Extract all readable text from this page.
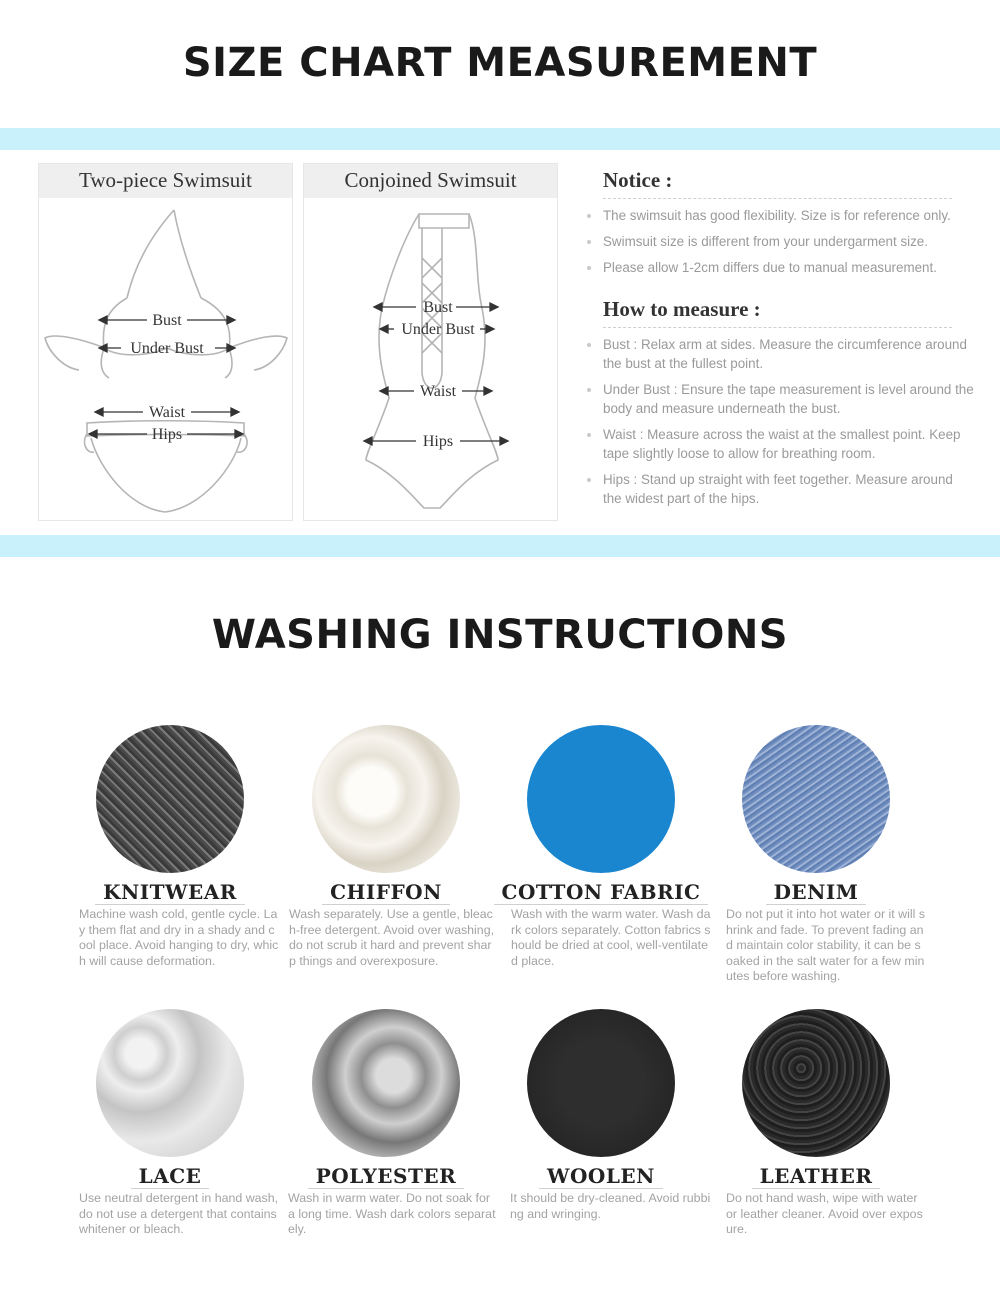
SIZE CHART MEASUREMENT
Two-piece Swimsuit
Bust
Under Bust
Waist
Hips
Conjoined Swimsuit
Bust
Under Bust
Waist
Hips
Notice :
The swimsuit has good flexibility. Size is for reference only.
Swimsuit size is different from your undergarment size.
Please allow 1-2cm differs due to manual measurement.
How to measure :
Bust : Relax arm at sides. Measure the circumference around the bust at the fullest point.
Under Bust : Ensure the tape measurement is level around the body and measure underneath the bust.
Waist : Measure across the waist at the smallest point. Keep tape slightly loose to allow for breathing room.
Hips : Stand up straight with feet together. Measure around the widest part of the hips.
WASHING INSTRUCTIONS
KNITWEAR
Machine wash cold, gentle cycle. Lay them flat and dry in a shady and cool place. Avoid hanging to dry, which will cause deformation.
CHIFFON
Wash separately. Use a gentle, bleach-free detergent. Avoid over washing, do not scrub it hard and prevent sharp things and overexposure.
COTTON FABRIC
Wash with the warm water. Wash dark colors separately. Cotton fabrics should be dried at cool, well-ventilated place.
DENIM
Do not put it into hot water or it will shrink and fade. To prevent fading and maintain color stability, it can be soaked in the salt water for a few minutes before washing.
LACE
Use neutral detergent in hand wash, do not use a detergent that contains whitener or bleach.
POLYESTER
Wash in warm water. Do not soak for a long time. Wash dark colors separately.
WOOLEN
It should be dry-cleaned. Avoid rubbing and wringing.
LEATHER
Do not hand wash, wipe with water or leather cleaner. Avoid over exposure.
